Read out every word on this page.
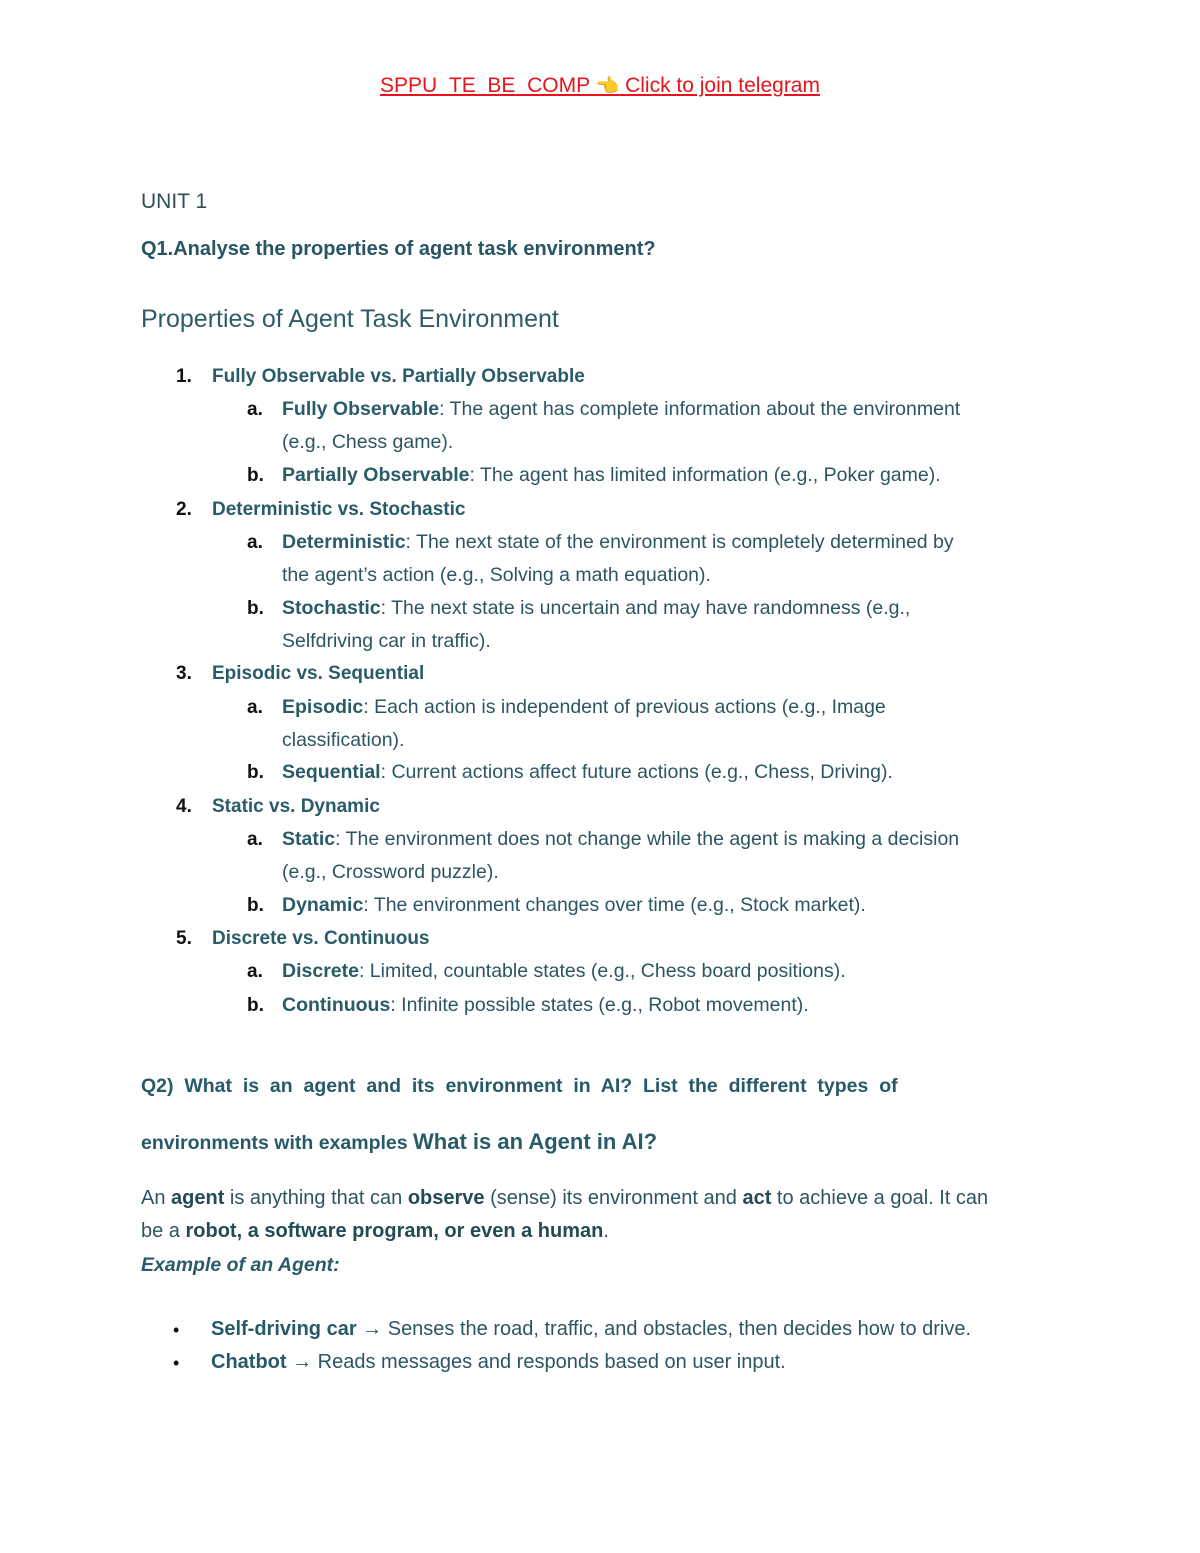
SPPU_TE_BE_COMP 👈 Click to join telegram
UNIT 1
Q1.Analyse the properties of agent task environment?
Properties of Agent Task Environment
1. Fully Observable vs. Partially Observable
a. Fully Observable: The agent has complete information about the environment
(e.g., Chess game).
b. Partially Observable: The agent has limited information (e.g., Poker game).
2. Deterministic vs. Stochastic
a. Deterministic: The next state of the environment is completely determined by
the agent’s action (e.g., Solving a math equation).
b. Stochastic: The next state is uncertain and may have randomness (e.g.,
Selfdriving car in traffic).
3. Episodic vs. Sequential
a. Episodic: Each action is independent of previous actions (e.g., Image
classification).
b. Sequential: Current actions affect future actions (e.g., Chess, Driving).
4. Static vs. Dynamic
a. Static: The environment does not change while the agent is making a decision
(e.g., Crossword puzzle).
b. Dynamic: The environment changes over time (e.g., Stock market).
5. Discrete vs. Continuous
a. Discrete: Limited, countable states (e.g., Chess board positions).
b. Continuous: Infinite possible states (e.g., Robot movement).
Q2)  What  is  an  agent  and  its  environment  in  AI?  List  the  different  types  of
environments with examples What is an Agent in AI?
An agent is anything that can observe (sense) its environment and act to achieve a goal. It can
be a robot, a software program, or even a human.
Example of an Agent:
• Self-driving car → Senses the road, traffic, and obstacles, then decides how to drive.
• Chatbot → Reads messages and responds based on user input.
